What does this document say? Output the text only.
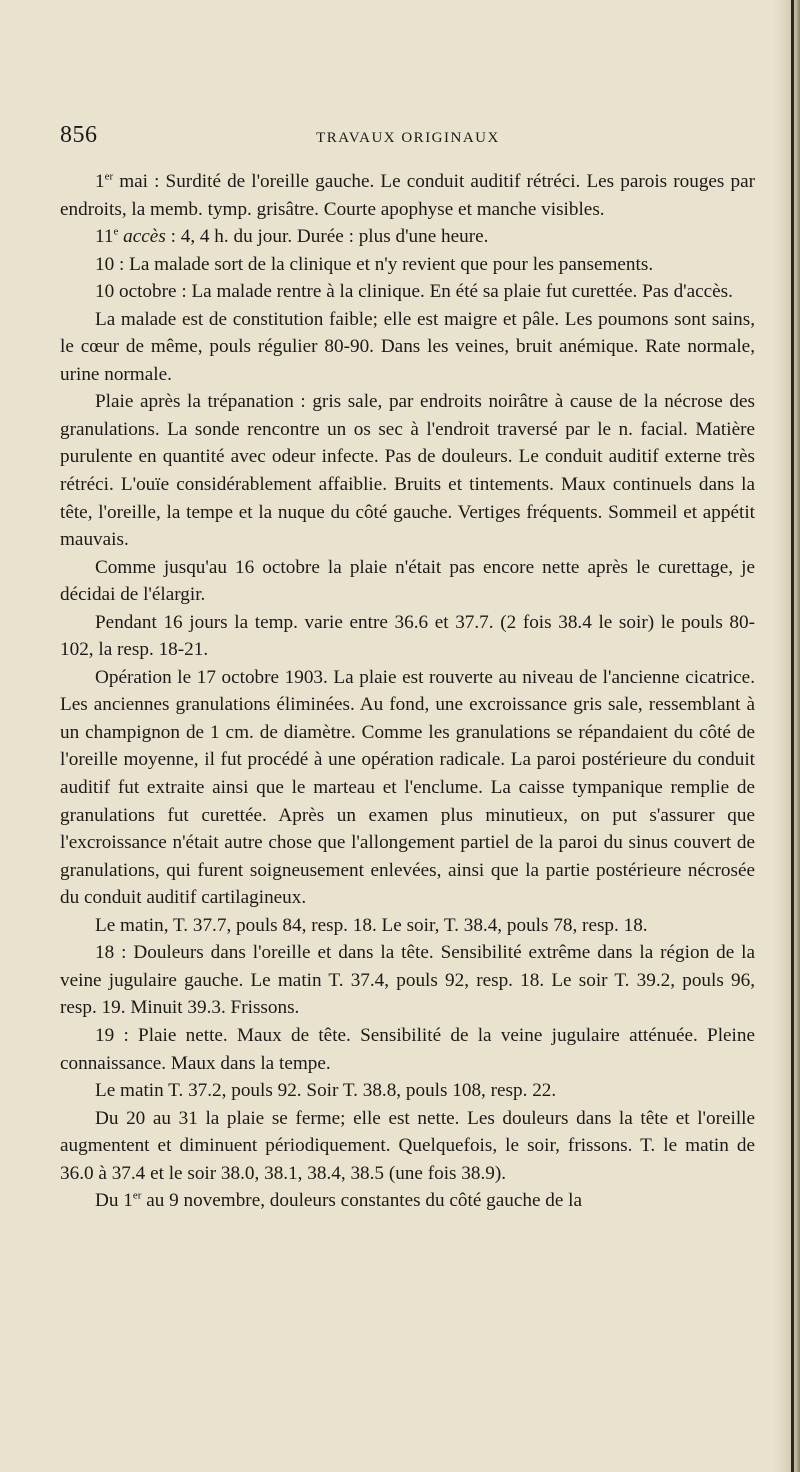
856	TRAVAUX ORIGINAUX

1er mai : Surdité de l'oreille gauche. Le conduit auditif rétréci. Les parois rouges par endroits, la memb. tymp. grisâtre. Courte apophyse et manche visibles.

11e accès : 4, 4 h. du jour. Durée : plus d'une heure.

10 : La malade sort de la clinique et n'y revient que pour les pansements.

10 octobre : La malade rentre à la clinique. En été sa plaie fut curettée. Pas d'accès.

La malade est de constitution faible; elle est maigre et pâle. Les poumons sont sains, le cœur de même, pouls régulier 80-90. Dans les veines, bruit anémique. Rate normale, urine normale.

Plaie après la trépanation : gris sale, par endroits noirâtre à cause de la nécrose des granulations. La sonde rencontre un os sec à l'endroit traversé par le n. facial. Matière purulente en quantité avec odeur infecte. Pas de douleurs. Le conduit auditif externe très rétréci. L'ouïe considérablement affaiblie. Bruits et tintements. Maux continuels dans la tête, l'oreille, la tempe et la nuque du côté gauche. Vertiges fréquents. Sommeil et appétit mauvais.

Comme jusqu'au 16 octobre la plaie n'était pas encore nette après le curettage, je décidai de l'élargir.

Pendant 16 jours la temp. varie entre 36.6 et 37.7. (2 fois 38.4 le soir) le pouls 80-102, la resp. 18-21.

Opération le 17 octobre 1903. La plaie est rouverte au niveau de l'ancienne cicatrice. Les anciennes granulations éliminées. Au fond, une excroissance gris sale, ressemblant à un champignon de 1 cm. de diamètre. Comme les granulations se répandaient du côté de l'oreille moyenne, il fut procédé à une opération radicale. La paroi postérieure du conduit auditif fut extraite ainsi que le marteau et l'enclume. La caisse tympanique remplie de granulations fut curettée. Après un examen plus minutieux, on put s'assurer que l'excroissance n'était autre chose que l'allongement partiel de la paroi du sinus couvert de granulations, qui furent soigneusement enlevées, ainsi que la partie postérieure nécrosée du conduit auditif cartilagineux.

Le matin, T. 37.7, pouls 84, resp. 18. Le soir, T. 38.4, pouls 78, resp. 18.

18 : Douleurs dans l'oreille et dans la tête. Sensibilité extrême dans la région de la veine jugulaire gauche. Le matin T. 37.4, pouls 92, resp. 18. Le soir T. 39.2, pouls 96, resp. 19. Minuit 39.3. Frissons.

19 : Plaie nette. Maux de tête. Sensibilité de la veine jugulaire atténuée. Pleine connaissance. Maux dans la tempe.

Le matin T. 37.2, pouls 92. Soir T. 38.8, pouls 108, resp. 22.

Du 20 au 31 la plaie se ferme; elle est nette. Les douleurs dans la tête et l'oreille augmentent et diminuent périodiquement. Quelquefois, le soir, frissons. T. le matin de 36.0 à 37.4 et le soir 38.0, 38.1, 38.4, 38.5 (une fois 38.9).

Du 1er au 9 novembre, douleurs constantes du côté gauche de la
